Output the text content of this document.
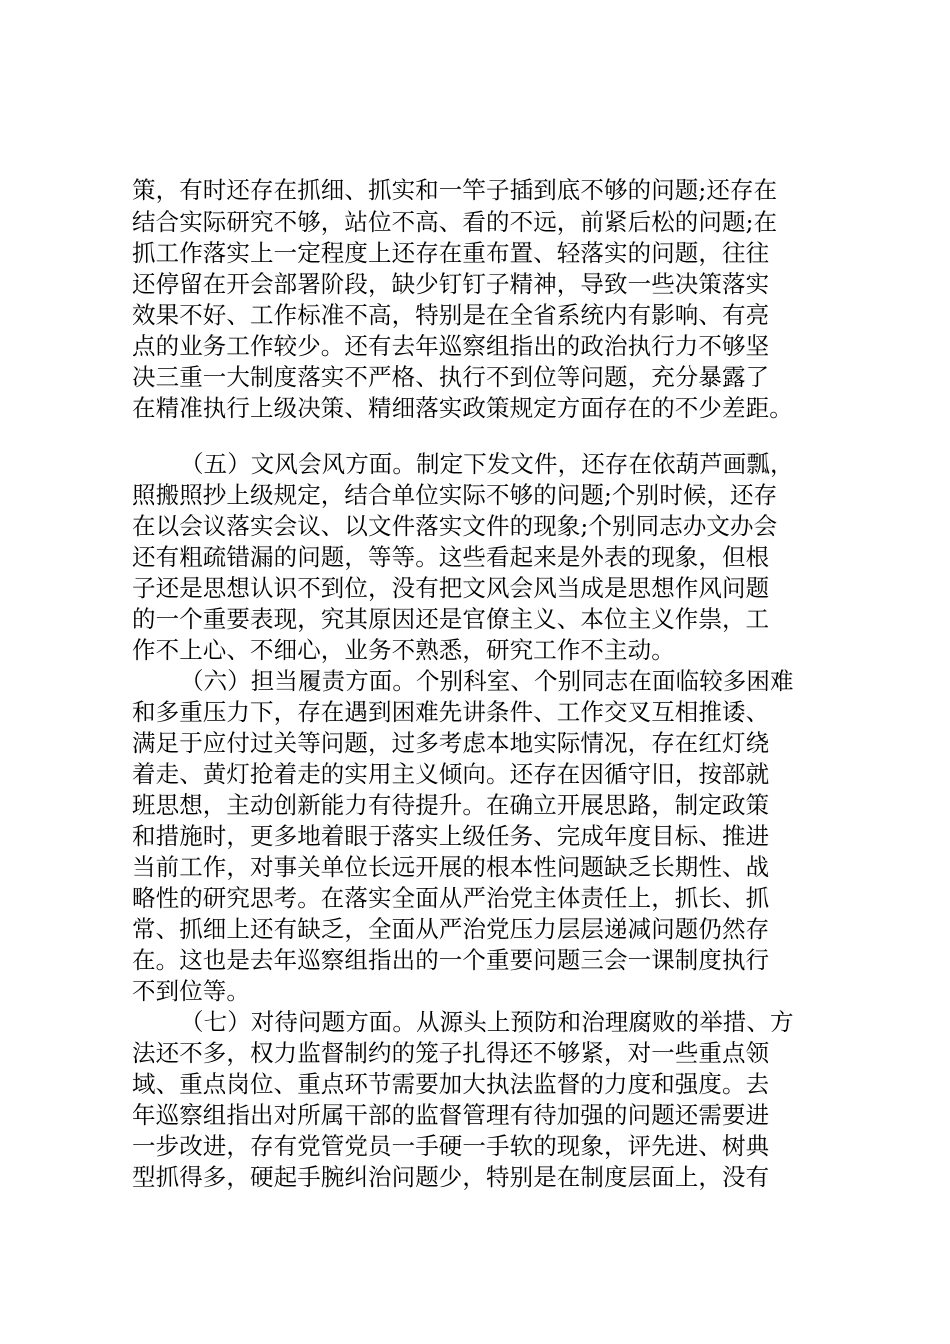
策，有时还存在抓细、抓实和一竿子插到底不够的问题;还存在
结合实际研究不够，站位不高、看的不远，前紧后松的问题;在
抓工作落实上一定程度上还存在重布置、轻落实的问题，往往
还停留在开会部署阶段，缺少钉钉子精神，导致一些决策落实
效果不好、工作标准不高，特别是在全省系统内有影响、有亮
点的业务工作较少。还有去年巡察组指出的政治执行力不够坚
决三重一大制度落实不严格、执行不到位等问题，充分暴露了
在精准执行上级决策、精细落实政策规定方面存在的不少差距。
（五）文风会风方面。制定下发文件，还存在依葫芦画瓢，
照搬照抄上级规定，结合单位实际不够的问题;个别时候，还存
在以会议落实会议、以文件落实文件的现象;个别同志办文办会
还有粗疏错漏的问题，等等。这些看起来是外表的现象，但根
子还是思想认识不到位，没有把文风会风当成是思想作风问题
的一个重要表现，究其原因还是官僚主义、本位主义作祟，工
作不上心、不细心，业务不熟悉，研究工作不主动。
（六）担当履责方面。个别科室、个别同志在面临较多困难
和多重压力下，存在遇到困难先讲条件、工作交叉互相推诿、
满足于应付过关等问题，过多考虑本地实际情况，存在红灯绕
着走、黄灯抢着走的实用主义倾向。还存在因循守旧，按部就
班思想，主动创新能力有待提升。在确立开展思路，制定政策
和措施时，更多地着眼于落实上级任务、完成年度目标、推进
当前工作，对事关单位长远开展的根本性问题缺乏长期性、战
略性的研究思考。在落实全面从严治党主体责任上，抓长、抓
常、抓细上还有缺乏，全面从严治党压力层层递减问题仍然存
在。这也是去年巡察组指出的一个重要问题三会一课制度执行
不到位等。
（七）对待问题方面。从源头上预防和治理腐败的举措、方
法还不多，权力监督制约的笼子扎得还不够紧，对一些重点领
域、重点岗位、重点环节需要加大执法监督的力度和强度。去
年巡察组指出对所属干部的监督管理有待加强的问题还需要进
一步改进，存有党管党员一手硬一手软的现象，评先进、树典
型抓得多，硬起手腕纠治问题少，特别是在制度层面上，没有
